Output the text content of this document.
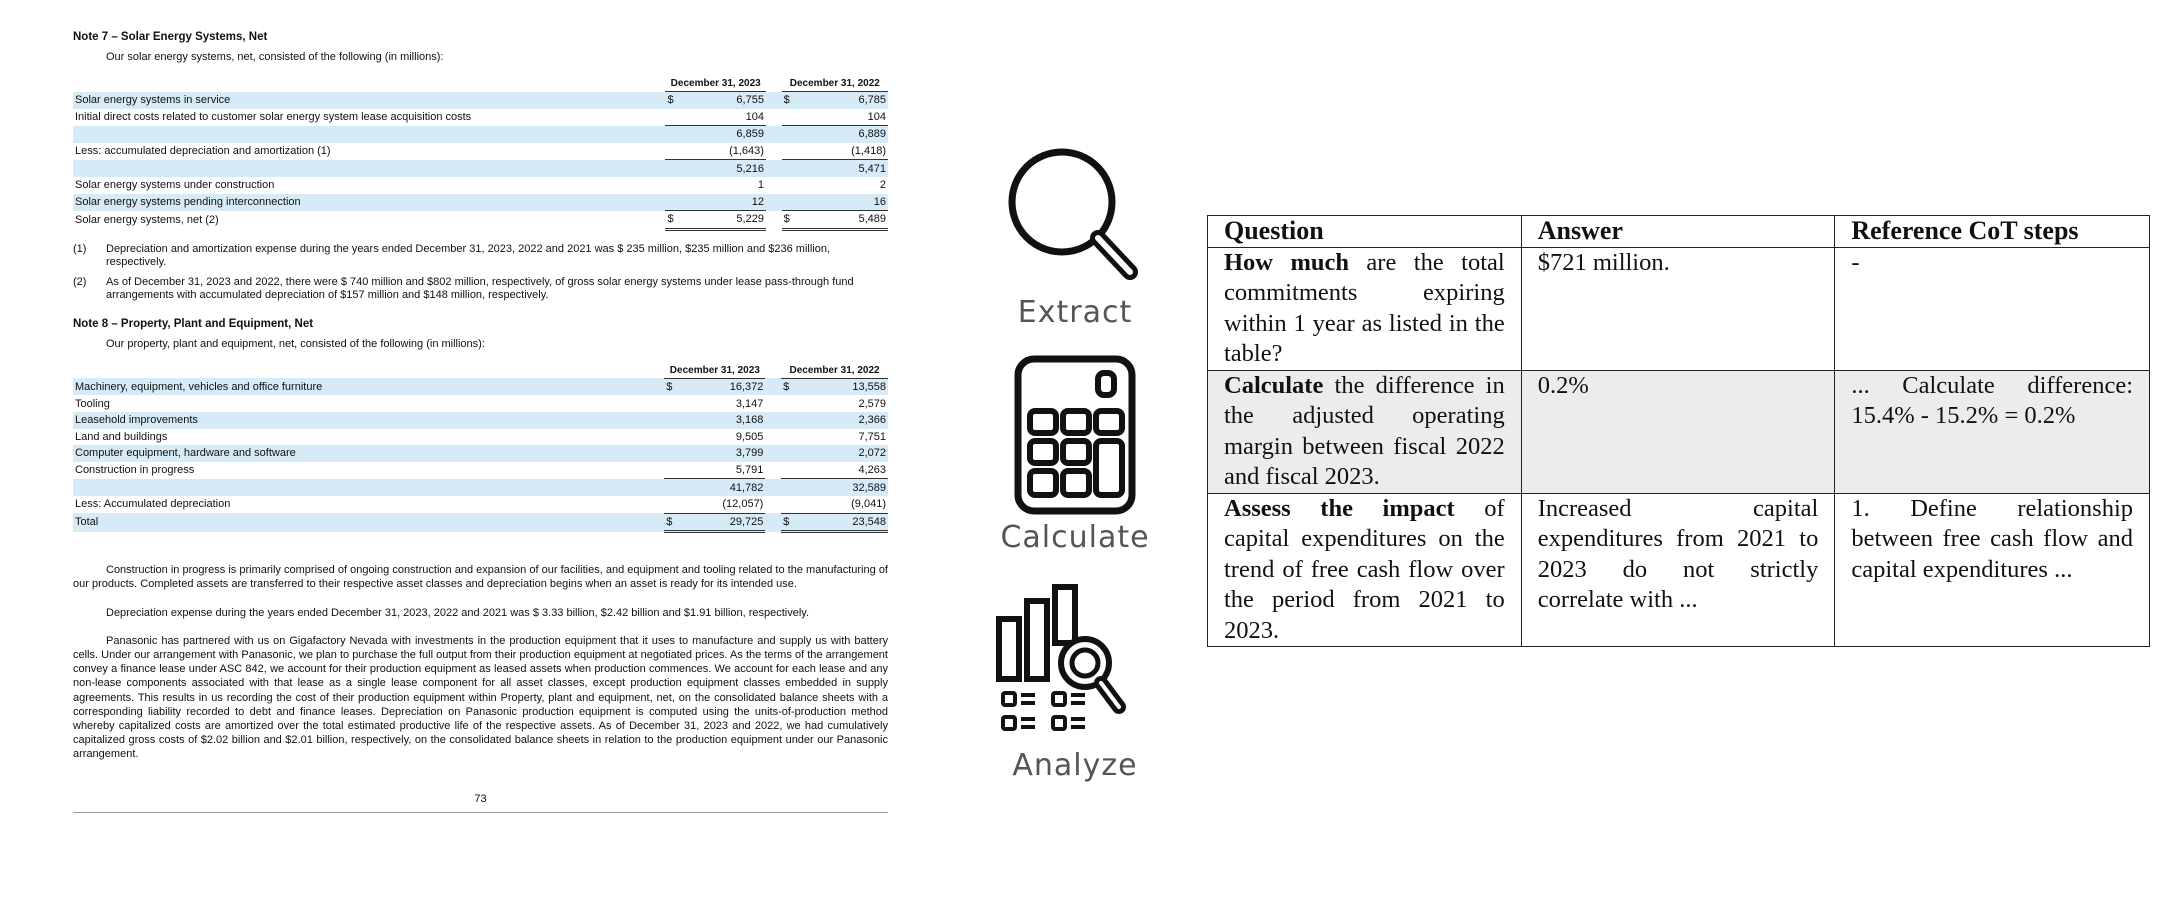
Note 7 – Solar Energy Systems, Net
Our solar energy systems, net, consisted of the following (in millions):
	December 31, 2023			December 31, 2022	
Solar energy systems in service	$	6,755		$	6,785
Initial direct costs related to customer solar energy system lease acquisition costs		104			104
		6,859			6,889
Less: accumulated depreciation and amortization (1)		(1,643)			(1,418)
		5,216			5,471
Solar energy systems under construction		1			2
Solar energy systems pending interconnection		12			16
Solar energy systems, net (2)	$	5,229		$	5,489
(1)	Depreciation and amortization expense during the years ended December 31, 2023, 2022 and 2021 was $ 235 million, $235 million and $236 million, respectively.
(2)	As of December 31, 2023 and 2022, there were $ 740 million and $802 million, respectively, of gross solar energy systems under lease pass-through fund arrangements with accumulated depreciation of $157 million and $148 million, respectively.
Note 8 – Property, Plant and Equipment, Net
Our property, plant and equipment, net, consisted of the following (in millions):
	December 31, 2023			December 31, 2022	
Machinery, equipment, vehicles and office furniture	$	16,372		$	13,558
Tooling		3,147			2,579
Leasehold improvements		3,168			2,366
Land and buildings		9,505			7,751
Computer equipment, hardware and software		3,799			2,072
Construction in progress		5,791			4,263
		41,782			32,589
Less: Accumulated depreciation		(12,057)			(9,041)
Total	$	29,725		$	23,548
Construction in progress is primarily comprised of ongoing construction and expansion of our facilities, and equipment and tooling related to the manufacturing of our products. Completed assets are transferred to their respective asset classes and depreciation begins when an asset is ready for its intended use.
Depreciation expense during the years ended December 31, 2023, 2022 and 2021 was $ 3.33 billion, $2.42 billion and $1.91 billion, respectively.
Panasonic has partnered with us on Gigafactory Nevada with investments in the production equipment that it uses to manufacture and supply us with battery cells. Under our arrangement with Panasonic, we plan to purchase the full output from their production equipment at negotiated prices. As the terms of the arrangement convey a finance lease under ASC 842, we account for their production equipment as leased assets when production commences. We account for each lease and any non-lease components associated with that lease as a single lease component for all asset classes, except production equipment classes embedded in supply agreements. This results in us recording the cost of their production equipment within Property, plant and equipment, net, on the consolidated balance sheets with a corresponding liability recorded to debt and finance leases. Depreciation on Panasonic production equipment is computed using the units-of-production method whereby capitalized costs are amortized over the total estimated productive life of the respective assets. As of December 31, 2023 and 2022, we had cumulatively capitalized gross costs of $2.02 billion and $2.01 billion, respectively, on the consolidated balance sheets in relation to the production equipment under our Panasonic arrangement.
73
Extract
Calculate
Analyze
Question	Answer	Reference CoT steps
How much are the total commitments expiring within 1 year as listed in the table?	$721 million.	-
Calculate the difference in the adjusted operating margin between fiscal 2022 and fiscal 2023.	0.2%	... Calculate difference: 15.4% - 15.2% = 0.2%
Assess the impact of capital expenditures on the trend of free cash flow over the period from 2021 to 2023.	Increased capital expenditures from 2021 to 2023 do not strictly correlate with ...	1. Define relationship between free cash flow and capital expenditures ...
